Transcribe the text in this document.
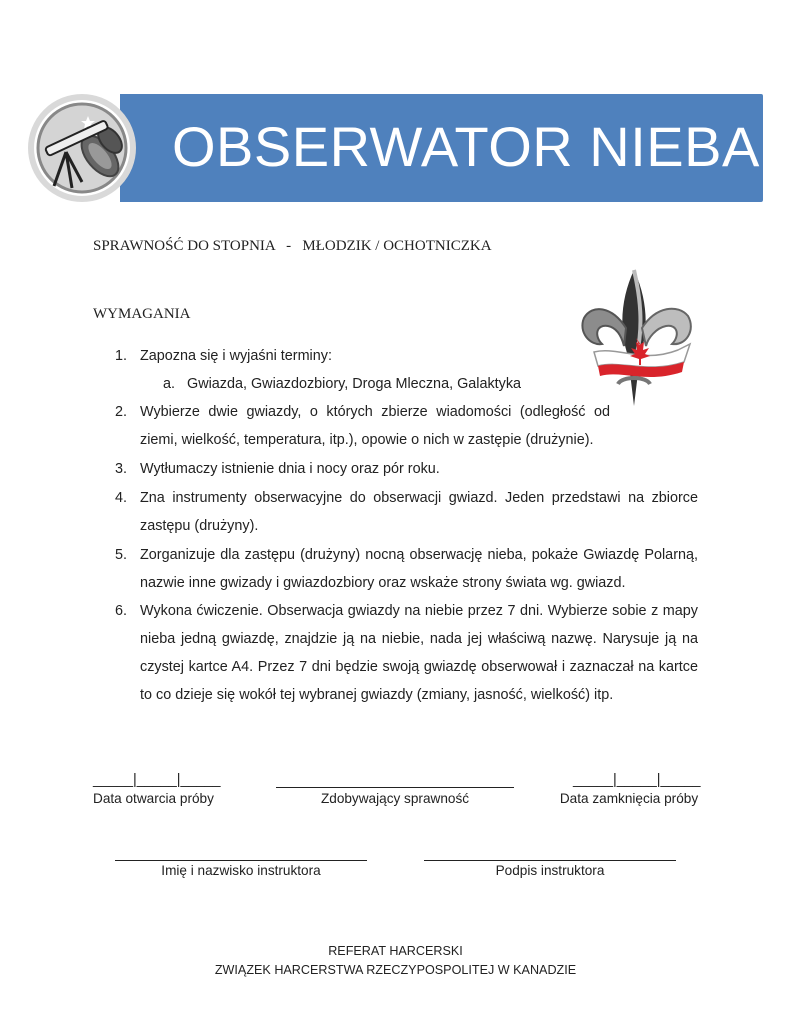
OBSERWATOR NIEBA
SPRAWNOŚĆ DO STOPNIA   -   MŁODZIK / OCHOTNICZKA
WYMAGANIA
1. Zapozna się i wyjaśni terminy:
a. Gwiazda, Gwiazdozbiory, Droga Mleczna, Galaktyka
2. Wybierze dwie gwiazdy, o których zbierze wiadomości (odległość od ziemi, wielkość, temperatura, itp.), opowie o nich w zastępie (drużynie).
3. Wytłumaczy istnienie dnia i nocy oraz pór roku.
4. Zna instrumenty obserwacyjne do obserwacji gwiazd. Jeden przedstawi na zbiorce zastępu (drużyny).
5. Zorganizuje dla zastępu (drużyny) nocną obserwację nieba, pokaże Gwiazdę Polarną, nazwie inne gwizady i gwiazdozbiory oraz wskaże strony świata wg. gwiazd.
6. Wykona ćwiczenie. Obserwacja gwiazdy na niebie przez 7 dni. Wybierze sobie z mapy nieba jedną gwiazdę, znajdzie ją na niebie, nada jej właściwą nazwę. Narysuje ją na czystej kartce A4. Przez 7 dni będzie swoją gwiazdę obserwował i zaznaczał na kartce to co dzieje się wokół tej wybranej gwiazdy (zmiany, jasność, wielkość) itp.
_____|_____|_____
Data otwarcia próby	Zdobywający sprawność
_____|_____|_____
Data zamknięcia próby
Imię i nazwisko instruktora	Podpis instruktora
REFERAT HARCERSKI
ZWIĄZEK HARCERSTWA RZECZYPOSPOLITEJ W KANADZIE
